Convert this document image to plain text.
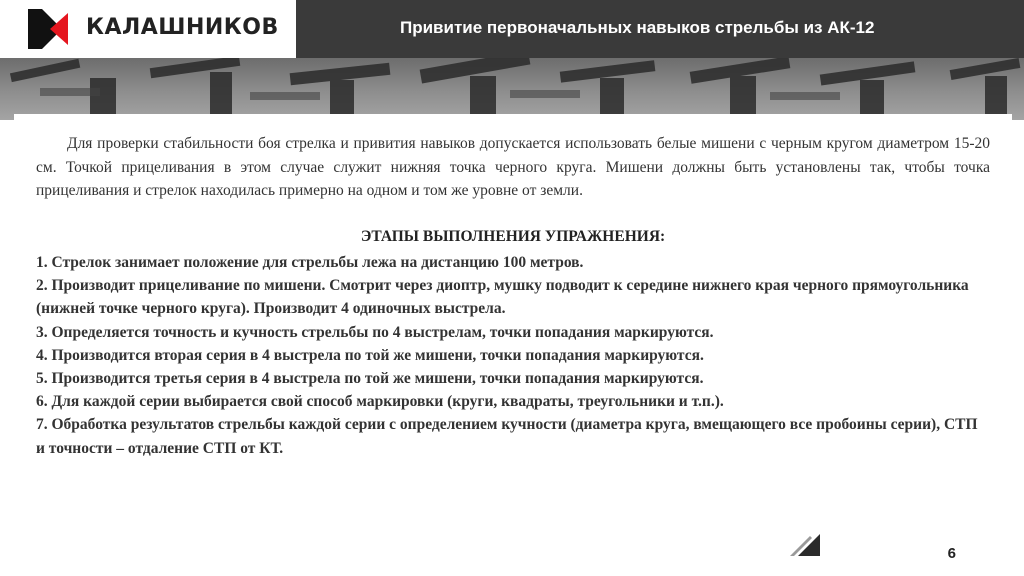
КАЛАШНИКОВ	Привитие первоначальных навыков стрельбы из АК-12

Для проверки стабильности боя стрелка и привития навыков допускается использовать белые мишени с черным кругом диаметром 15-20 см. Точкой прицеливания в этом случае служит нижняя точка черного круга. Мишени должны быть установлены так, чтобы точка прицеливания и стрелок находилась примерно на одном и том же уровне от земли.

ЭТАПЫ ВЫПОЛНЕНИЯ УПРАЖНЕНИЯ:
1. Стрелок занимает положение для стрельбы лежа на дистанцию 100 метров.
2. Производит прицеливание по мишени. Смотрит через диоптр, мушку подводит к середине нижнего края черного прямоугольника (нижней точке черного круга). Производит 4 одиночных выстрела.
3. Определяется точность и кучность стрельбы по 4 выстрелам, точки попадания маркируются.
4. Производится вторая серия в 4 выстрела по той же мишени, точки попадания маркируются.
5. Производится третья серия в 4 выстрела по той же мишени, точки попадания маркируются.
6. Для каждой серии выбирается свой способ маркировки (круги, квадраты, треугольники и т.п.).
7. Обработка результатов стрельбы каждой серии с определением кучности (диаметра круга, вмещающего все пробоины серии), СТП и точности – отдаление СТП от КТ.
6
